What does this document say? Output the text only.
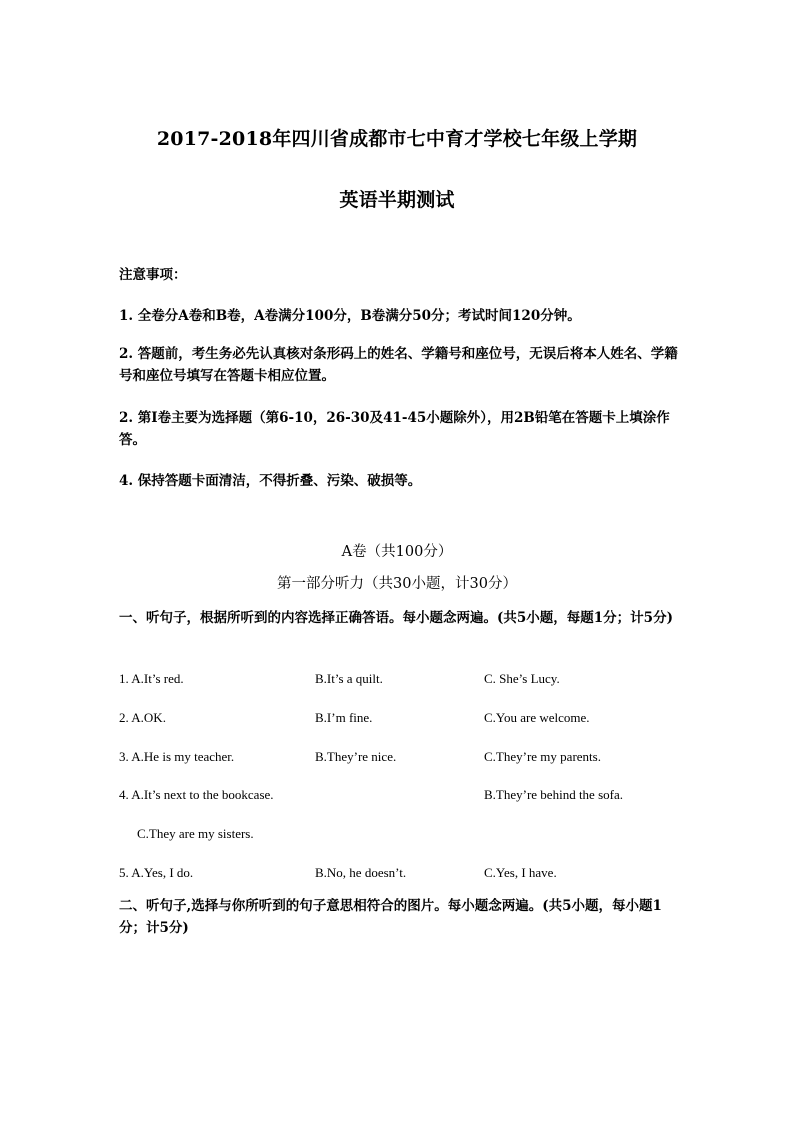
2017-2018年四川省成都市七中育才学校七年级上学期
英语半期测试
注意事项：
1. 全卷分A卷和B卷，A卷满分100分，B卷满分50分；考试时间120分钟。
2. 答题前，考生务必先认真核对条形码上的姓名、学籍号和座位号，无误后将本人姓名、学籍号和座位号填写在答题卡相应位置。
2. 第I卷主要为选择题（第6-10，26-30及41-45小题除外），用2B铅笔在答题卡上填涂作答。
4. 保持答题卡面清洁，不得折叠、污染、破损等。
A卷（共100分）
第一部分听力（共30小题，计30分）
一、听句子，根据所听到的内容选择正确答语。每小题念两遍。(共5小题，每题1分；计5分)
1. A.It’s red.	B.It’s a quilt.	C. She’s Lucy.
2. A.OK.	B.I’m fine.	C.You are welcome.
3. A.He is my teacher.	B.They’re nice.	C.They’re my parents.
4. A.It’s next to the bookcase.	B.They’re behind the sofa.
C.They are my sisters.
5. A.Yes, I do.	B.No, he doesn’t.	C.Yes, I have.
二、听句子,选择与你所听到的句子意思相符合的图片。每小题念两遍。(共5小题，每小题1分；计5分)
